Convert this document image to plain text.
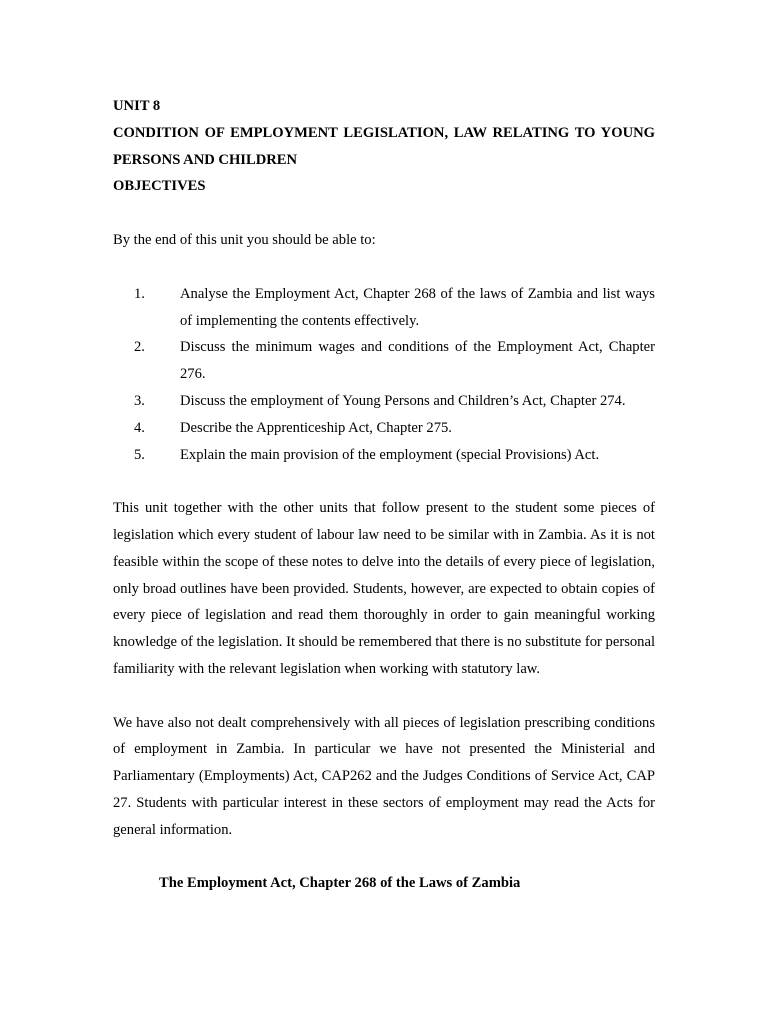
UNIT 8

CONDITION OF EMPLOYMENT LEGISLATION, LAW RELATING TO YOUNG PERSONS AND CHILDREN

OBJECTIVES

By the end of this unit you should be able to:

1.	Analyse the Employment Act, Chapter 268 of the laws of Zambia and list ways of implementing the contents effectively.
2.	Discuss the minimum wages and conditions of the Employment Act, Chapter 276.
3.	Discuss the employment of Young Persons and Children’s Act, Chapter 274.
4.	Describe the Apprenticeship Act, Chapter 275.
5.	Explain the main provision of the employment (special Provisions) Act.

This unit together with the other units that follow present to the student some pieces of legislation which every student of labour law need to be similar with in Zambia. As it is not feasible within the scope of these notes to delve into the details of every piece of legislation, only broad outlines have been provided. Students, however, are expected to obtain copies of every piece of legislation and read them thoroughly in order to gain meaningful working knowledge of the legislation. It should be remembered that there is no substitute for personal familiarity with the relevant legislation when working with statutory law.

We have also not dealt comprehensively with all pieces of legislation prescribing conditions of employment in Zambia. In particular we have not presented the Ministerial and Parliamentary (Employments) Act, CAP262 and the Judges Conditions of Service Act, CAP 27. Students with particular interest in these sectors of employment may read the Acts for general information.

The Employment Act, Chapter 268 of the Laws of Zambia
